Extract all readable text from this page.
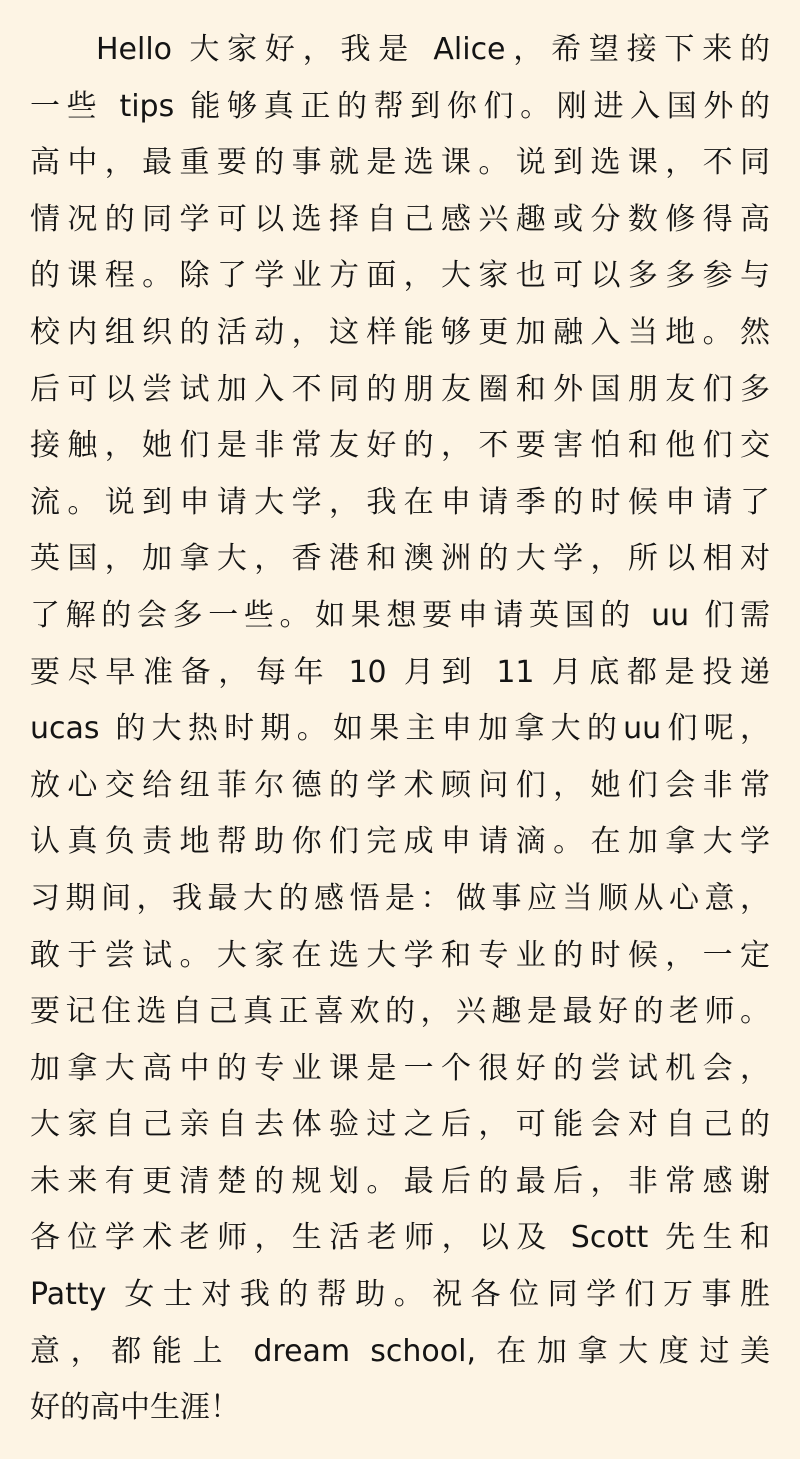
Hello 大家好，我是 Alice，希望接下来的
一些 tips 能够真正的帮到你们。刚进入国外的
高中，最重要的事就是选课。说到选课，不同
情况的同学可以选择自己感兴趣或分数修得高
的课程。除了学业方面，大家也可以多多参与
校内组织的活动，这样能够更加融入当地。然
后可以尝试加入不同的朋友圈和外国朋友们多
接触，她们是非常友好的，不要害怕和他们交
流。说到申请大学，我在申请季的时候申请了
英国，加拿大，香港和澳洲的大学，所以相对
了解的会多一些。如果想要申请英国的 uu 们需
要尽早准备，每年 10 月到 11 月底都是投递
ucas 的大热时期。如果主申加拿大的uu们呢，
放心交给纽菲尔德的学术顾问们，她们会非常
认真负责地帮助你们完成申请滴。在加拿大学
习期间，我最大的感悟是：做事应当顺从心意，
敢于尝试。大家在选大学和专业的时候，一定
要记住选自己真正喜欢的，兴趣是最好的老师。
加拿大高中的专业课是一个很好的尝试机会，
大家自己亲自去体验过之后，可能会对自己的
未来有更清楚的规划。最后的最后，非常感谢
各位学术老师，生活老师，以及 Scott 先生和
Patty 女士对我的帮助。祝各位同学们万事胜
意，都能上 dream school, 在加拿大度过美
好的高中生涯！
